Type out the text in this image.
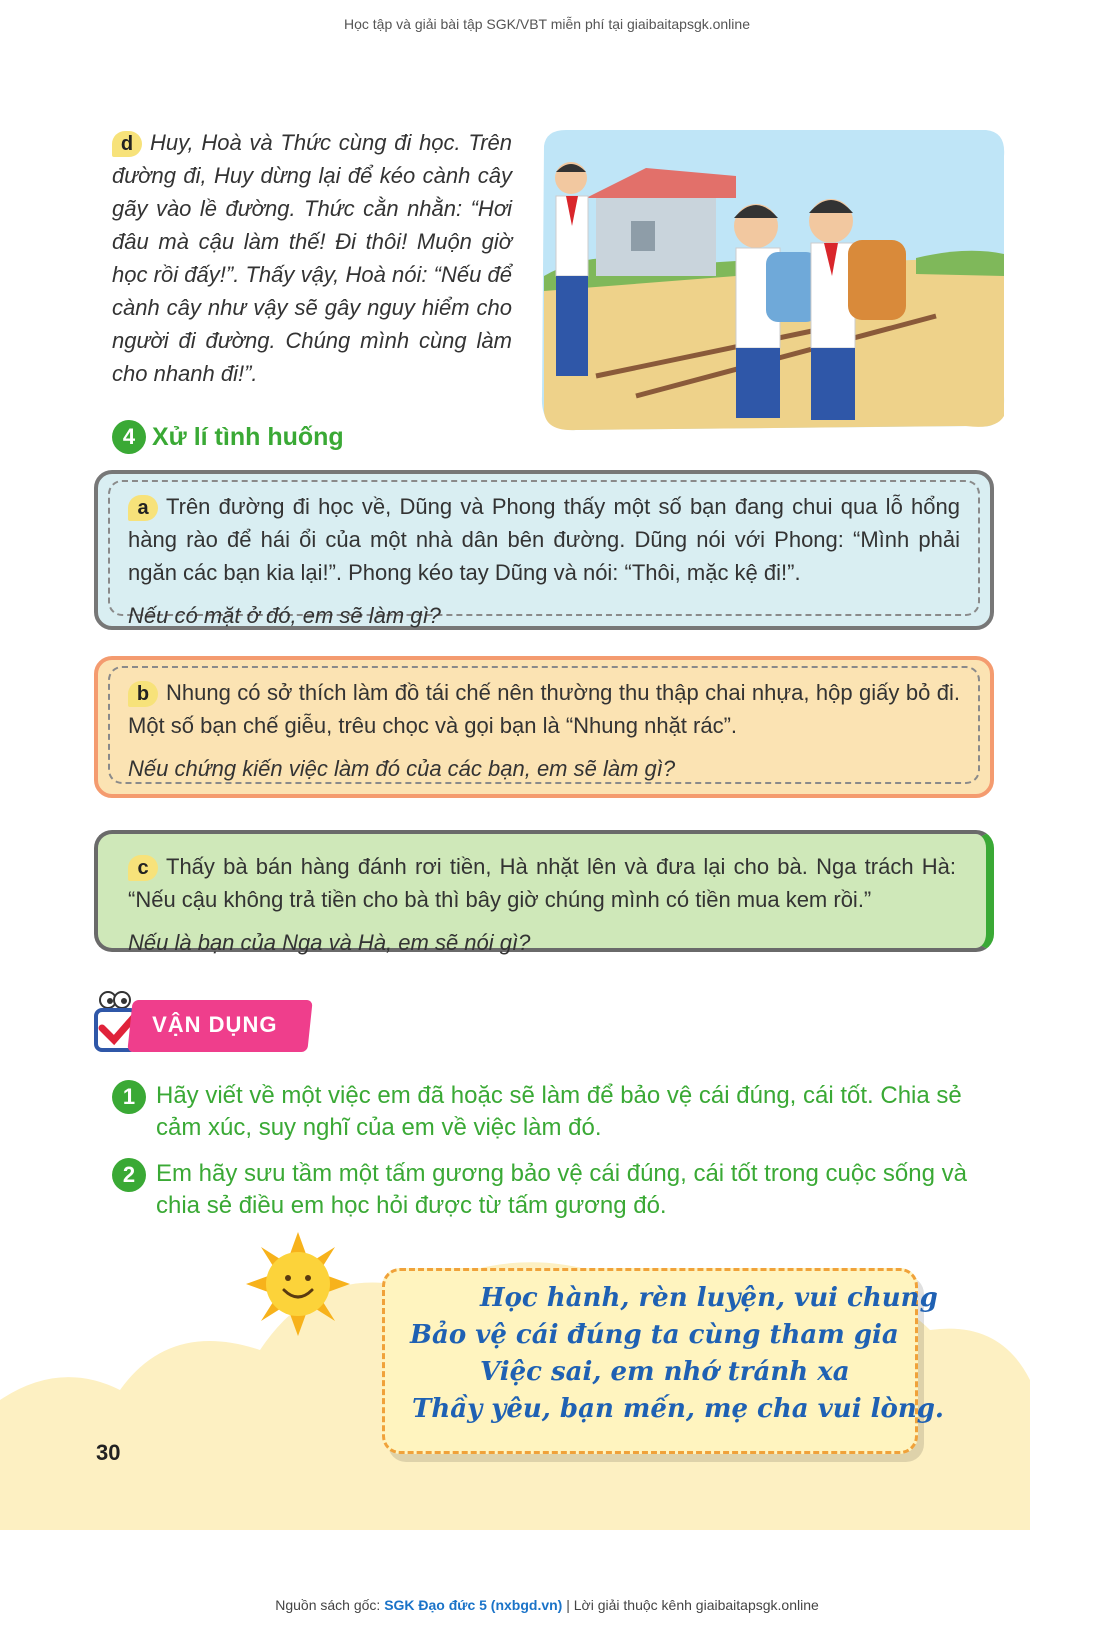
Học tập và giải bài tập SGK/VBT miễn phí tại giaibaitapsgk.online
d Huy, Hoà và Thức cùng đi học. Trên đường đi, Huy dừng lại để kéo cành cây gãy vào lề đường. Thức cằn nhằn: “Hơi đâu mà cậu làm thế! Đi thôi! Muộn giờ học rồi đấy!”. Thấy vậy, Hoà nói: “Nếu để cành cây như vậy sẽ gây nguy hiểm cho người đi đường. Chúng mình cùng làm cho nhanh đi!”.
4 Xử lí tình huống

a Trên đường đi học về, Dũng và Phong thấy một số bạn đang chui qua lỗ hổng hàng rào để hái ổi của một nhà dân bên đường. Dũng nói với Phong: “Mình phải ngăn các bạn kia lại!”. Phong kéo tay Dũng và nói: “Thôi, mặc kệ đi!”.

Nếu có mặt ở đó, em sẽ làm gì?

b Nhung có sở thích làm đồ tái chế nên thường thu thập chai nhựa, hộp giấy bỏ đi. Một số bạn chế giễu, trêu chọc và gọi bạn là “Nhung nhặt rác”.

Nếu chứng kiến việc làm đó của các bạn, em sẽ làm gì?

c Thấy bà bán hàng đánh rơi tiền, Hà nhặt lên và đưa lại cho bà. Nga trách Hà: “Nếu cậu không trả tiền cho bà thì bây giờ chúng mình có tiền mua kem rồi.”

Nếu là bạn của Nga và Hà, em sẽ nói gì?

VẬN DỤNG
1 Hãy viết về một việc em đã hoặc sẽ làm để bảo vệ cái đúng, cái tốt. Chia sẻ cảm xúc, suy nghĩ của em về việc làm đó.
2 Em hãy sưu tầm một tấm gương bảo vệ cái đúng, cái tốt trong cuộc sống và chia sẻ điều em học hỏi được từ tấm gương đó.
Học hành, rèn luyện, vui chung
Bảo vệ cái đúng ta cùng tham gia
Việc sai, em nhớ tránh xa
Thầy yêu, bạn mến, mẹ cha vui lòng.
30
Nguồn sách gốc: SGK Đạo đức 5 (nxbgd.vn) | Lời giải thuộc kênh giaibaitapsgk.online
